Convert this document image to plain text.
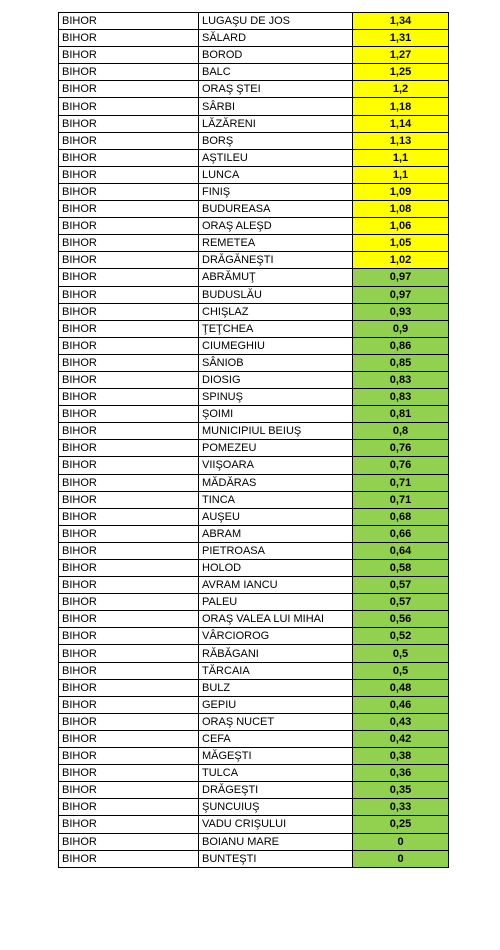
BIHOR	LUGAŞU DE JOS	1,34
BIHOR	SĂLARD	1,31
BIHOR	BOROD	1,27
BIHOR	BALC	1,25
BIHOR	ORAŞ ŞTEI	1,2
BIHOR	SÂRBI	1,18
BIHOR	LĂZĂRENI	1,14
BIHOR	BORŞ	1,13
BIHOR	AŞTILEU	1,1
BIHOR	LUNCA	1,1
BIHOR	FINIŞ	1,09
BIHOR	BUDUREASA	1,08
BIHOR	ORAŞ ALEŞD	1,06
BIHOR	REMETEA	1,05
BIHOR	DRĂGĂNEŞTI	1,02
BIHOR	ABRĂMUŢ	0,97
BIHOR	BUDUSLĂU	0,97
BIHOR	CHIŞLAZ	0,93
BIHOR	ŢEŢCHEA	0,9
BIHOR	CIUMEGHIU	0,86
BIHOR	SÂNIOB	0,85
BIHOR	DIOSIG	0,83
BIHOR	SPINUŞ	0,83
BIHOR	ŞOIMI	0,81
BIHOR	MUNICIPIUL BEIUŞ	0,8
BIHOR	POMEZEU	0,76
BIHOR	VIIŞOARA	0,76
BIHOR	MĂDĂRAS	0,71
BIHOR	TINCA	0,71
BIHOR	AUŞEU	0,68
BIHOR	ABRAM	0,66
BIHOR	PIETROASA	0,64
BIHOR	HOLOD	0,58
BIHOR	AVRAM IANCU	0,57
BIHOR	PALEU	0,57
BIHOR	ORAŞ VALEA LUI MIHAI	0,56
BIHOR	VÂRCIOROG	0,52
BIHOR	RĂBĂGANI	0,5
BIHOR	TĂRCAIA	0,5
BIHOR	BULZ	0,48
BIHOR	GEPIU	0,46
BIHOR	ORAŞ NUCET	0,43
BIHOR	CEFA	0,42
BIHOR	MĂGEŞTI	0,38
BIHOR	TULCA	0,36
BIHOR	DRĂGEŞTI	0,35
BIHOR	ŞUNCUIUŞ	0,33
BIHOR	VADU CRIŞULUI	0,25
BIHOR	BOIANU MARE	0
BIHOR	BUNTEŞTI	0
